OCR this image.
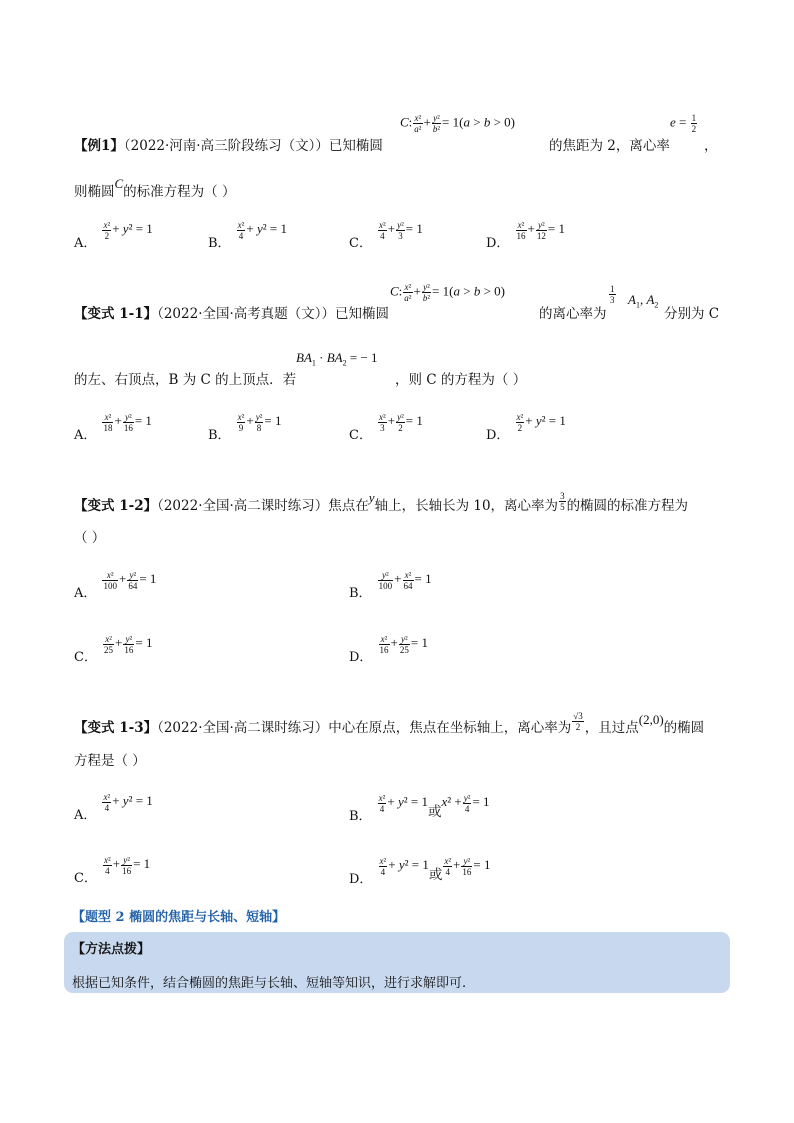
【例1】（2022·河南·高三阶段练习（文））已知椭圆
C: $\frac{\text{x²}}{\text{a²}} + \frac{\text{y²}}{\text{b²}} = 1(a > b > 0)$
的焦距为 2，离心率
$e = \frac{1}{2}$
，
则椭圆C的标准方程为（ ）
$_{A.}$
$\frac{\text{x²}}{2} + y^2 = 1$
$_{B.}$
$\frac{\text{x²}}{4} + y^2 = 1$
$_{C.}$
$\frac{\text{x²}}{4} + \frac{\text{y²}}{3} = 1$
$_{D.}$
$\frac{\text{x²}}{16} + \frac{\text{y²}}{12} = 1$
【变式 1-1】（2022·全国·高考真题（文））已知椭圆
C: $\frac{\text{x²}}{\text{a²}} + \frac{\text{y²}}{\text{b²}} = 1(a > b > 0)$
的离心率为
$\frac{1}{3} A_1$, $A_2$
分别为 C
的左、右顶点，B 为 C 的上顶点．若
$BA_1 \cdot BA_2$ = − 1
，则 C 的方程为（ ）
$_{A.}$
$\frac{\text{x²}}{18} + \frac{\text{y²}}{16} = 1$
$_{B.}$
$\frac{\text{x²}}{9} + \frac{\text{y²}}{8} = 1$
$_{C.}$
$\frac{\text{x²}}{3} + \frac{\text{y²}}{2} = 1$
$_{D.}$
$\frac{\text{x²}}{2} + y^2 = 1$
【变式 1-2】（2022·全国·高二课时练习）焦点在y轴上，长轴长为 10，离心率为 $\frac{3}{5}$ 的椭圆的标准方程为
（ ）
$_{A.}$
$\frac{\text{x²}}{100} + \frac{\text{y²}}{64} = 1$
$_{B.}$
$\frac{\text{y²}}{100} + \frac{\text{x²}}{64} = 1$
$_{C.}$
$\frac{\text{x²}}{25} + \frac{\text{y²}}{16} = 1$
$_{D.}$
$\frac{\text{x²}}{16} + \frac{\text{y²}}{25} = 1$
【变式 1-3】（2022·全国·高二课时练习）中心在原点，焦点在坐标轴上，离心率为 $\frac{√3}{2}$ ，且过点(2,0)的椭圆
方程是（ ）
$_{A.}$
$\frac{\text{x²}}{4} + y^2 = 1$
$_{B.}$
$\frac{\text{x²}}{4} + y^2 = 1_或x^2 + \frac{\text{y²}}{4} = 1$
$_{C.}$
$\frac{\text{x²}}{4} + \frac{\text{y²}}{16} = 1$
$_{D.}$
$\frac{\text{x²}}{4} + y^2 = 1_或 \frac{\text{x²}}{4} + \frac{\text{y²}}{16} = 1$
【题型 2 椭圆的焦距与长轴、短轴】
【方法点拨】
根据已知条件，结合椭圆的焦距与长轴、短轴等知识，进行求解即可.
